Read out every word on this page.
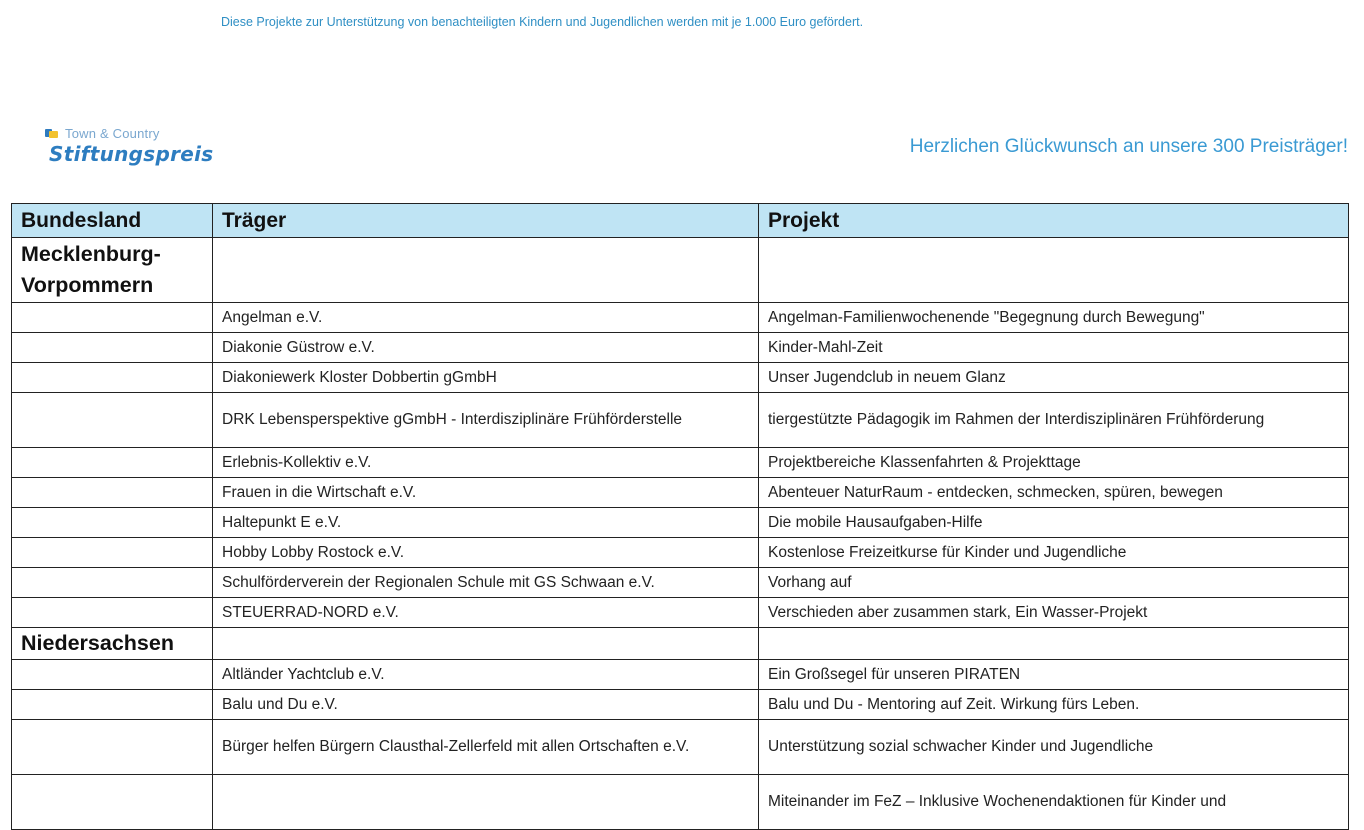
Diese Projekte zur Unterstützung von benachteiligten Kindern und Jugendlichen werden mit je 1.000 Euro gefördert.
Town & Country
Stiftungspreis	Herzlichen Glückwunsch an unsere 300 Preisträger!
Bundesland	Träger	Projekt
Mecklenburg-Vorpommern		
	Angelman e.V.	Angelman-Familienwochenende "Begegnung durch Bewegung"
	Diakonie Güstrow e.V.	Kinder-Mahl-Zeit
	Diakoniewerk Kloster Dobbertin gGmbH	Unser Jugendclub in neuem Glanz
	DRK Lebensperspektive gGmbH - Interdisziplinäre Frühförderstelle	tiergestützte Pädagogik im Rahmen der Interdisziplinären Frühförderung
	Erlebnis-Kollektiv e.V.	Projektbereiche Klassenfahrten & Projekttage
	Frauen in die Wirtschaft e.V.	Abenteuer NaturRaum - entdecken, schmecken, spüren, bewegen
	Haltepunkt E e.V.	Die mobile Hausaufgaben-Hilfe
	Hobby Lobby Rostock e.V.	Kostenlose Freizeitkurse für Kinder und Jugendliche
	Schulförderverein der Regionalen Schule mit GS Schwaan e.V.	Vorhang auf
	STEUERRAD-NORD e.V.	Verschieden aber zusammen stark, Ein Wasser-Projekt
Niedersachsen		
	Altländer Yachtclub e.V.	Ein Großsegel für unseren PIRATEN
	Balu und Du e.V.	Balu und Du - Mentoring auf Zeit. Wirkung fürs Leben.
	Bürger helfen Bürgern Clausthal-Zellerfeld mit allen Ortschaften e.V.	Unterstützung sozial schwacher Kinder und Jugendliche
		Miteinander im FeZ – Inklusive Wochenendaktionen für Kinder und
